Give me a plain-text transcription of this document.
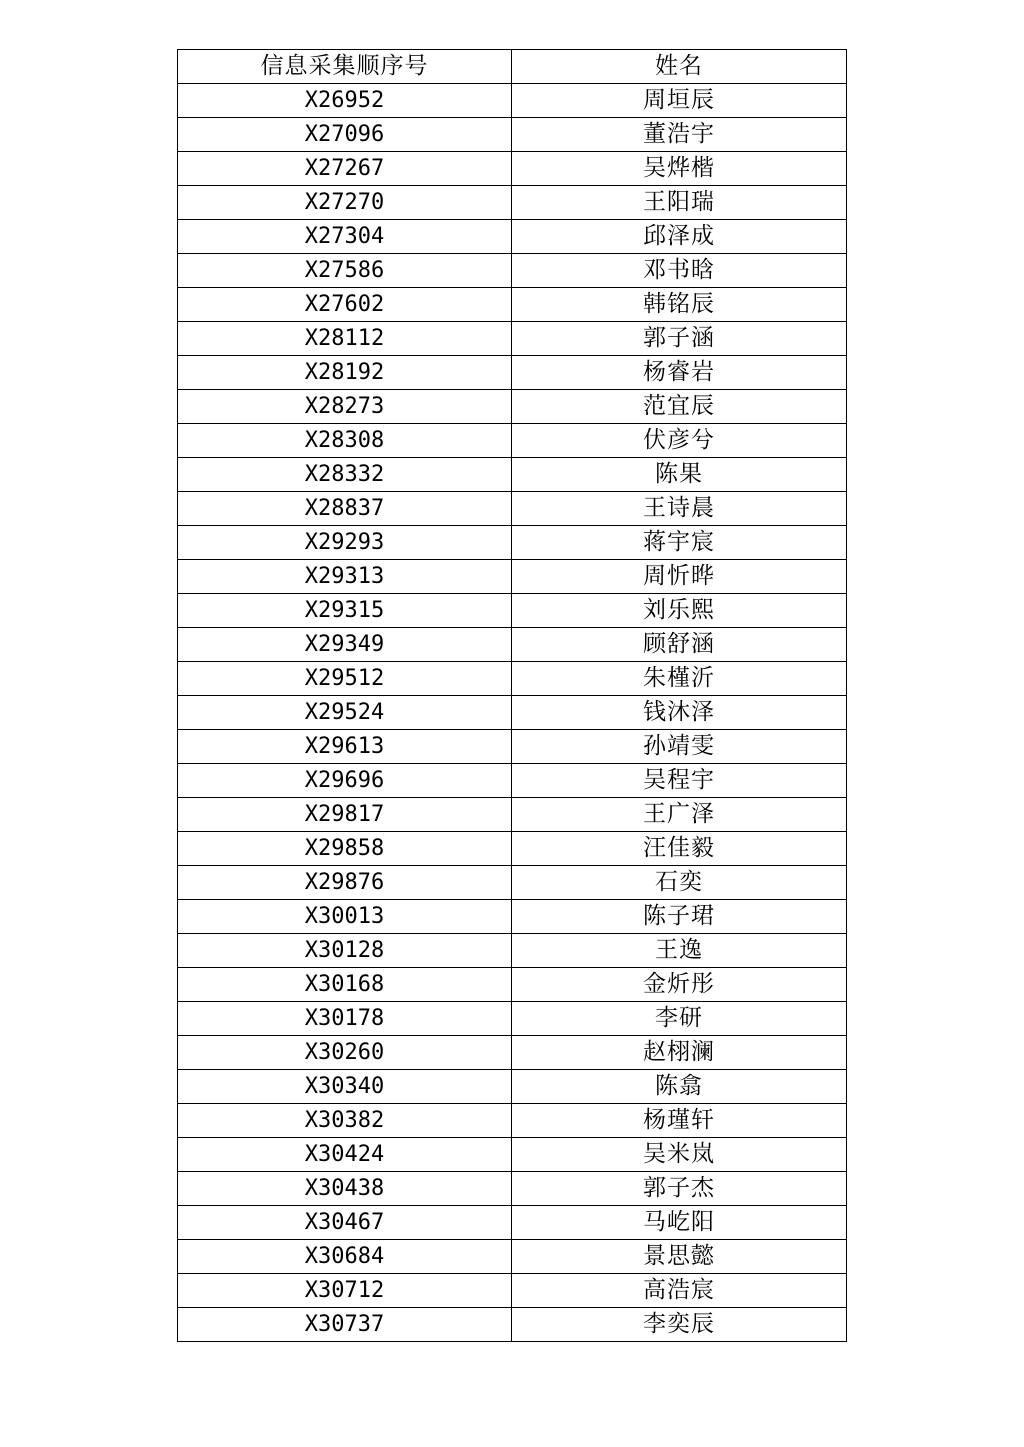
信息采集顺序号	姓名
X26952	周垣辰
X27096	董浩宇
X27267	吴烨楷
X27270	王阳瑞
X27304	邱泽成
X27586	邓书晗
X27602	韩铭辰
X28112	郭子涵
X28192	杨睿岩
X28273	范宜辰
X28308	伏彦兮
X28332	陈果
X28837	王诗晨
X29293	蒋宇宸
X29313	周忻晔
X29315	刘乐熙
X29349	顾舒涵
X29512	朱槿沂
X29524	钱沐泽
X29613	孙靖雯
X29696	吴程宇
X29817	王广泽
X29858	汪佳毅
X29876	石奕
X30013	陈子珺
X30128	王逸
X30168	金炘彤
X30178	李研
X30260	赵栩澜
X30340	陈翕
X30382	杨瑾轩
X30424	吴米岚
X30438	郭子杰
X30467	马屹阳
X30684	景思懿
X30712	高浩宸
X30737	李奕辰
